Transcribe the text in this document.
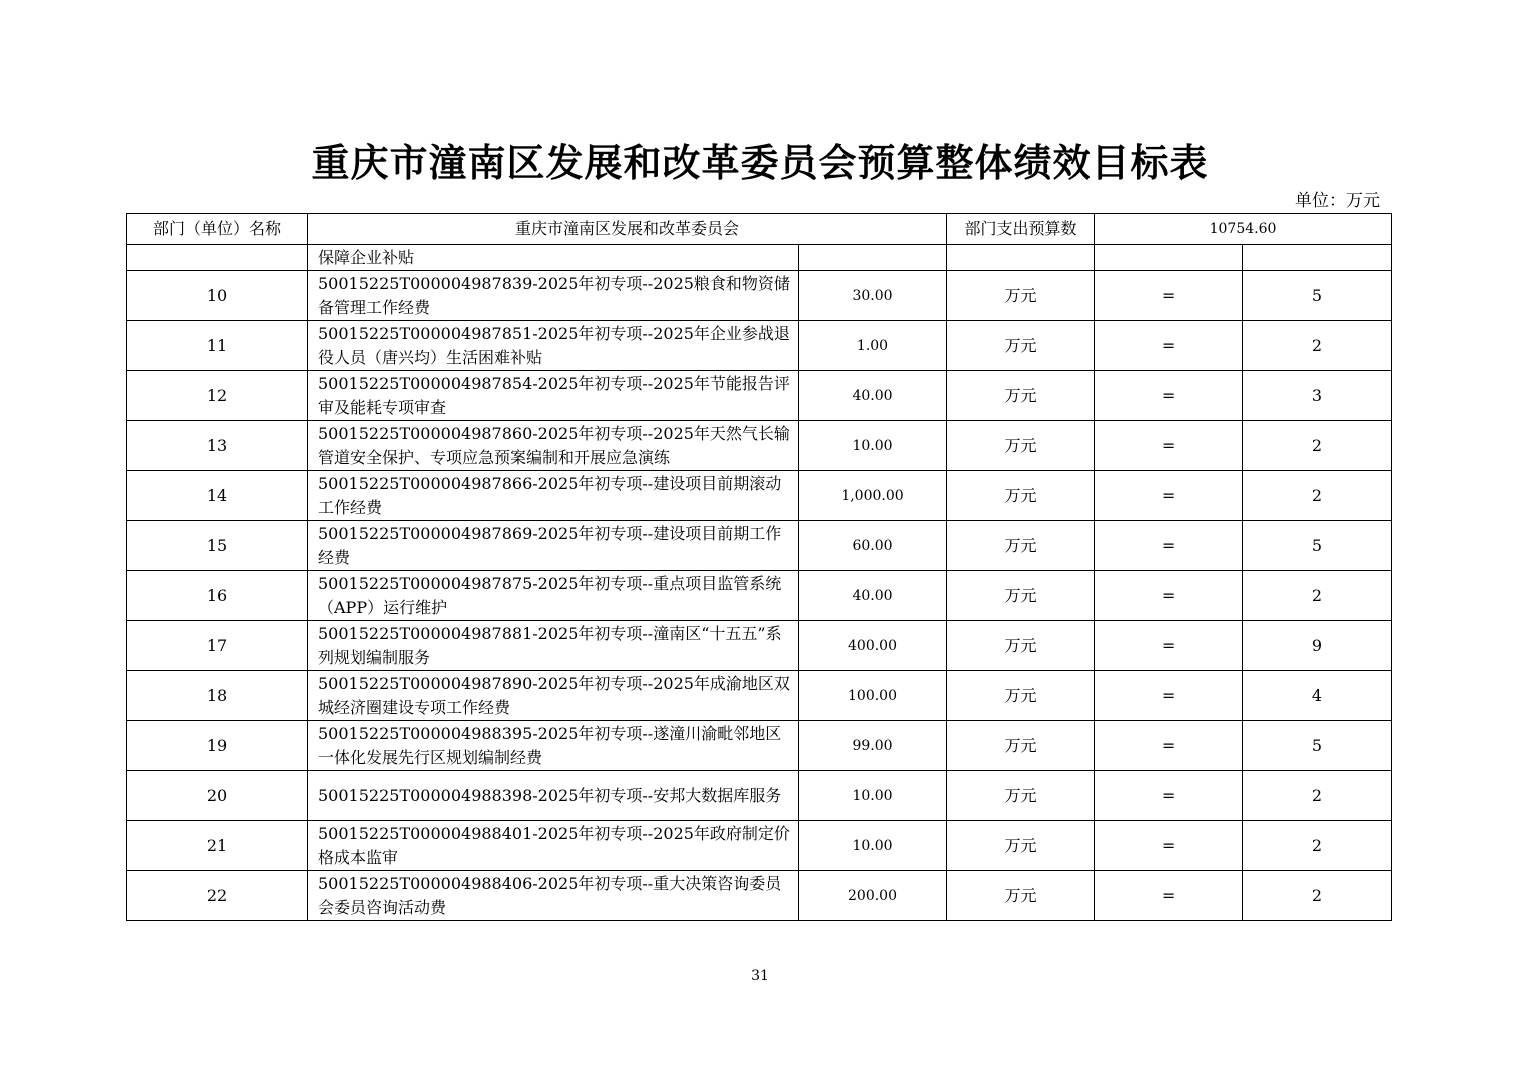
重庆市潼南区发展和改革委员会预算整体绩效目标表
单位：万元
部门（单位）名称	重庆市潼南区发展和改革委员会		部门支出预算数	10754.60	
	保障企业补贴				
10	50015225T000004987839-2025年初专项--2025粮食和物资储备管理工作经费	30.00	万元	=	5
11	50015225T000004987851-2025年初专项--2025年企业参战退役人员（唐兴均）生活困难补贴	1.00	万元	=	2
12	50015225T000004987854-2025年初专项--2025年节能报告评审及能耗专项审查	40.00	万元	=	3
13	50015225T000004987860-2025年初专项--2025年天然气长输管道安全保护、专项应急预案编制和开展应急演练	10.00	万元	=	2
14	50015225T000004987866-2025年初专项--建设项目前期滚动工作经费	1,000.00	万元	=	2
15	50015225T000004987869-2025年初专项--建设项目前期工作经费	60.00	万元	=	5
16	50015225T000004987875-2025年初专项--重点项目监管系统（APP）运行维护	40.00	万元	=	2
17	50015225T000004987881-2025年初专项--潼南区“十五五”系列规划编制服务	400.00	万元	=	9
18	50015225T000004987890-2025年初专项--2025年成渝地区双城经济圈建设专项工作经费	100.00	万元	=	4
19	50015225T000004988395-2025年初专项--遂潼川渝毗邻地区一体化发展先行区规划编制经费	99.00	万元	=	5
20	50015225T000004988398-2025年初专项--安邦大数据库服务	10.00	万元	=	2
21	50015225T000004988401-2025年初专项--2025年政府制定价格成本监审	10.00	万元	=	2
22	50015225T000004988406-2025年初专项--重大决策咨询委员会委员咨询活动费	200.00	万元	=	2
31
